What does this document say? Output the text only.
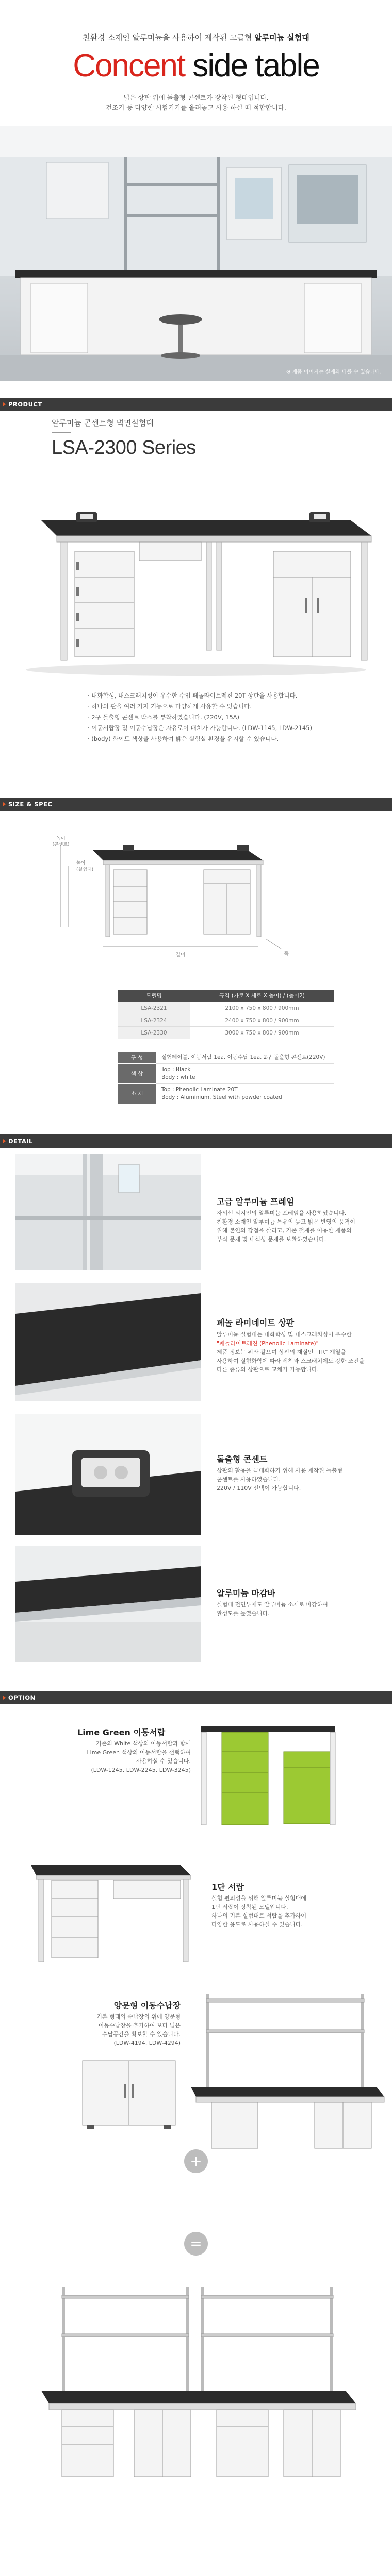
친환경 소재인 알루미늄을 사용하여 제작된 고급형 알루미늄 실험대
Concent side table
넓은 상판 위에 돌출형 콘센트가 장착된 형태입니다.
건조기 등 다양한 시험기기를 올려놓고 사용 하실 때 적합합니다.
※ 제품 이미지는 실제와 다를 수 있습니다.
PRODUCT
알루미늄 콘센트형 벽면실험대
LSA-2300 Series
· 내화학성, 내스크래치성이 우수한 수입 페놀라이트레진 20T 상판을 사용합니다.
· 하나의 판을 여러 가지 기능으로 다양하게 사용할 수 있습니다.
· 2구 돌출형 콘센트 박스를 부착하였습니다. (220V, 15A)
· 이동서랍장 및 이동수납장은 자유로이 배치가 가능합니다. (LDW-1145, LDW-2145)
· (body) 화이트 색상을 사용하여 밝은 실험실 환경을 유지할 수 있습니다.
SIZE & SPEC
높이
(콘센트)
높이
(실험대)
길이	폭
모델명	규격 (가로 X 세로 X 높이) / (높이2)
LSA-2321	2100 x 750 x 800 / 900mm
LSA-2324	2400 x 750 x 800 / 900mm
LSA-2330	3000 x 750 x 800 / 900mm
구 성	실험테이블, 이동서랍 1ea, 이동수납 1ea, 2구 돌출형 콘센트(220V)
색 상	Top : Black
Body : white

소 재	Top : Phenolic Laminate 20T
Body : Aluminium, Steel with powder coated
DETAIL
고급 알루미늄 프레임
자외선 티지인의 알루미늄 프레임을 사용하였습니다.
친환경 소재인 알루미늄 특유의 높고 밝은 반영의 품격이
위해 본연의 강점을 살리고, 기존 철재를 이용한 제품의
부식 문제 및 내식성 문제를 보완하였습니다.
페놀 라미네이트 상판
알루미늄 실험대는 내화학성 및 내스크래치성이 우수한
"페놀라이트레진 (Phenolic Laminate)"
제품 정보는 위와 같으며 상판의 재질인 "TR" 계열을
사용하여 실험화학에 따라 세척과 스크래치에도 강한 조건을
다른 종류의 상판으로 교체가 가능합니다.
돌출형 콘센트
상판의 활용을 극대화하기 위해 사용 제작된 돌출형
콘센트를 사용하였습니다.
220V / 110V 선택이 가능합니다.
알루미늄 마감바
실험대 전면부에도 알루미늄 소재로 마감하여
완성도를 높였습니다.
OPTION
Lime Green 이동서랍
기존의 White 색상의 이동서랍과 함께
Lime Green 색상의 이동서랍을 선택하여
사용하실 수 있습니다.
(LDW-1245, LDW-2245, LDW-3245)
1단 서랍
실험 편의성을 위해 알루미늄 실험대에
1단 서랍이 장착된 모델입니다.
하나의 기본 실험대로 서랍을 추가하여
다양한 용도로 사용하실 수 있습니다.
양문형 이동수납장
기본 형태의 수납장의 위에 양문형
이동수납장을 추가하여 보다 넓은
수납공간을 확보할 수 있습니다.
(LDW-4194, LDW-4294)
+
=
